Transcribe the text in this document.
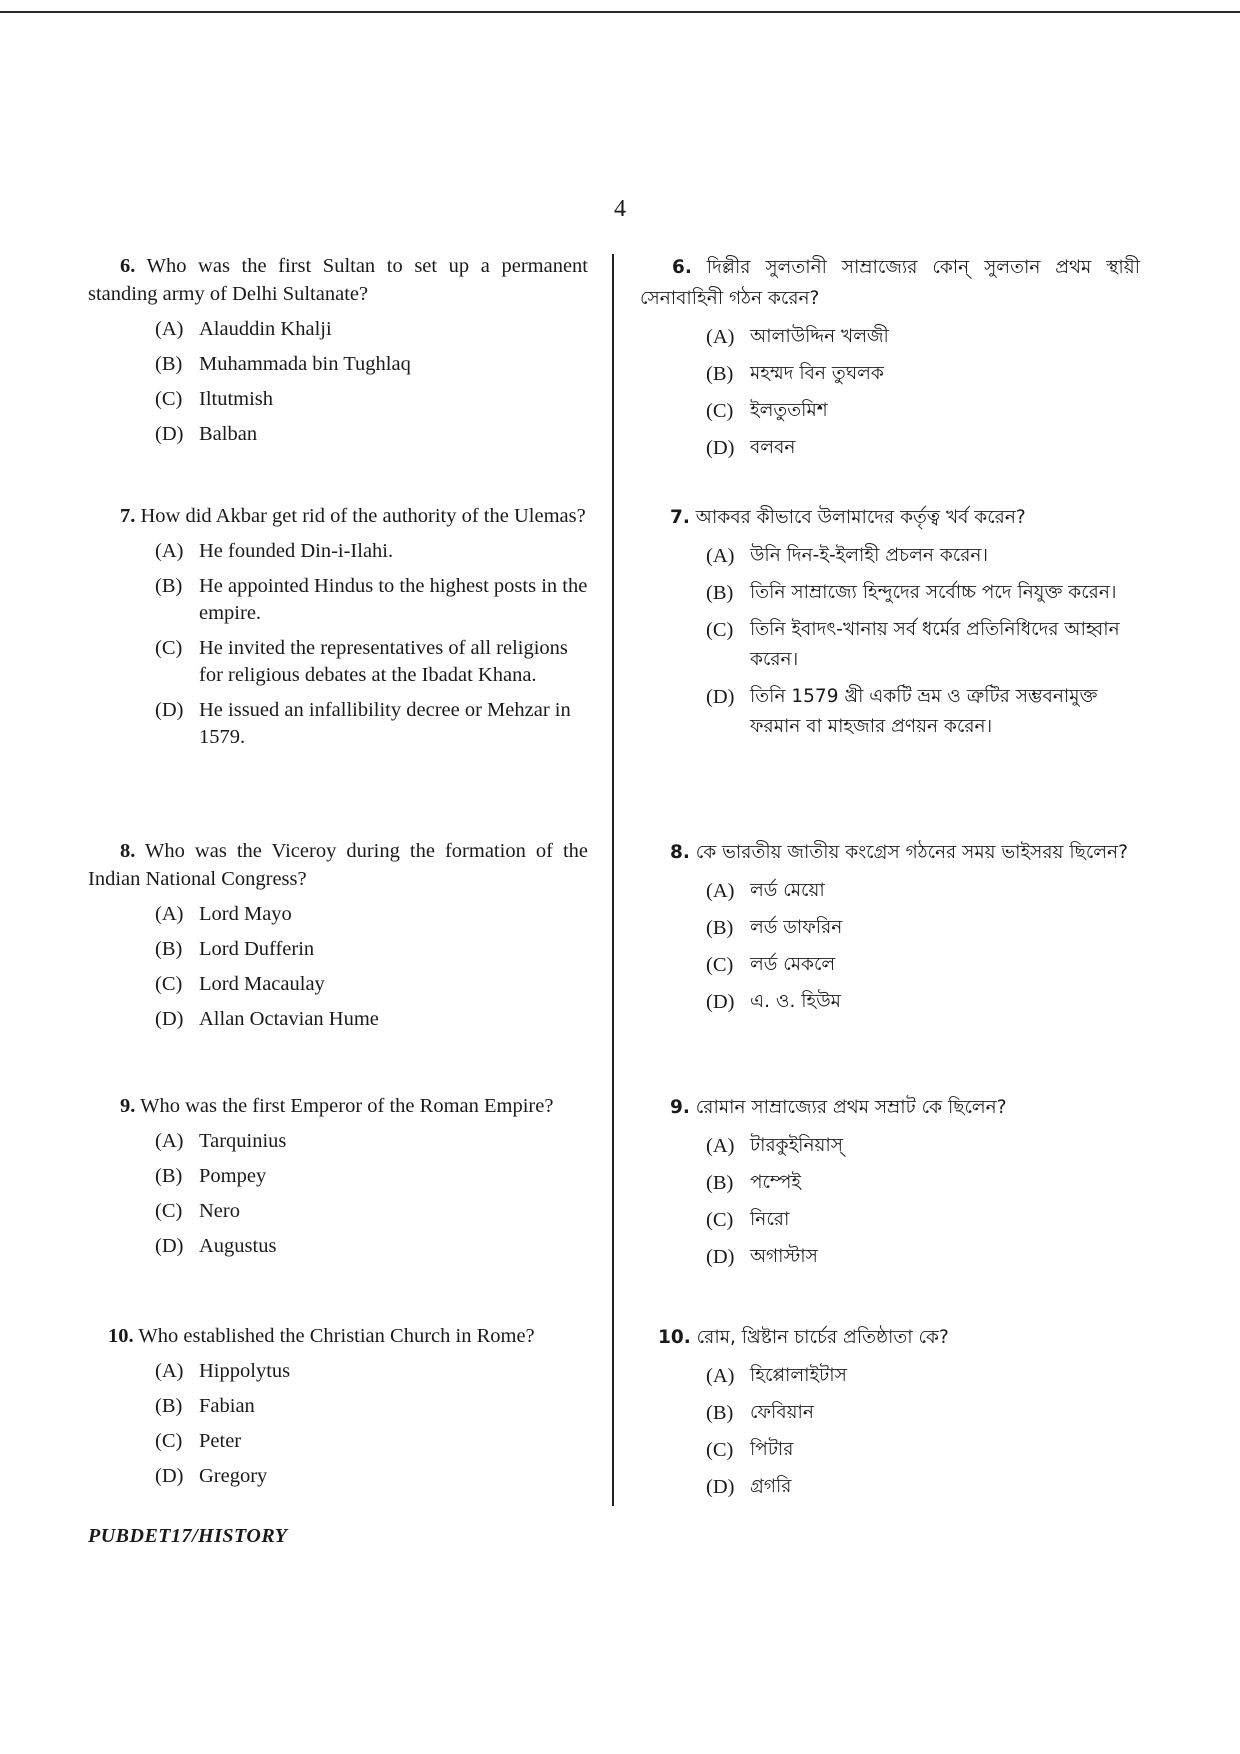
4

6. Who was the first Sultan to set up a permanent standing army of Delhi Sultanate?

(A) Alauddin Khalji
(B) Muhammada bin Tughlaq
(C) Iltutmish
(D) Balban

7. How did Akbar get rid of the authority of the Ulemas?

(A) He founded Din-i-Ilahi.
(B) He appointed Hindus to the highest posts in the empire.
(C) He invited the representatives of all religions for religious debates at the Ibadat Khana.
(D) He issued an infallibility decree or Mehzar in 1579.

8. Who was the Viceroy during the formation of the Indian National Congress?

(A) Lord Mayo
(B) Lord Dufferin
(C) Lord Macaulay
(D) Allan Octavian Hume

9. Who was the first Emperor of the Roman Empire?

(A) Tarquinius
(B) Pompey
(C) Nero
(D) Augustus

10. Who established the Christian Church in Rome?

(A) Hippolytus
(B) Fabian
(C) Peter
(D) Gregory

6. দিল্লীর সুলতানী সাম্রাজ্যের কোন্ সুলতান প্রথম স্থায়ী সেনাবাহিনী গঠন করেন?

(A) আলাউদ্দিন খলজী
(B) মহম্মদ বিন তুঘলক
(C) ইলতুতমিশ
(D) বলবন

7. আকবর কীভাবে উলামাদের কর্তৃত্ব খর্ব করেন?

(A) উনি দিন-ই-ইলাহী প্রচলন করেন।
(B) তিনি সাম্রাজ্যে হিন্দুদের সর্বোচ্চ পদে নিযুক্ত করেন।
(C) তিনি ইবাদৎ-খানায় সর্ব ধর্মের প্রতিনিধিদের আহ্বান করেন।
(D) তিনি 1579 খ্রী একটি ভ্রম ও ত্রুটির সম্ভবনামুক্ত ফরমান বা মাহজার প্রণয়ন করেন।

8. কে ভারতীয় জাতীয় কংগ্রেস গঠনের সময় ভাইসরয় ছিলেন?

(A) লর্ড মেয়ো
(B) লর্ড ডাফরিন
(C) লর্ড মেকলে
(D) এ. ও. হিউম

9. রোমান সাম্রাজ্যের প্রথম সম্রাট কে ছিলেন?

(A) টারকুইনিয়াস্
(B) পম্পেই
(C) নিরো
(D) অগাস্টাস

10. রোম, খ্রিষ্টান চার্চের প্রতিষ্ঠাতা কে?

(A) হিপ্পোলাইটাস
(B) ফেবিয়ান
(C) পিটার
(D) গ্রগরি
PUBDET17/HISTORY
